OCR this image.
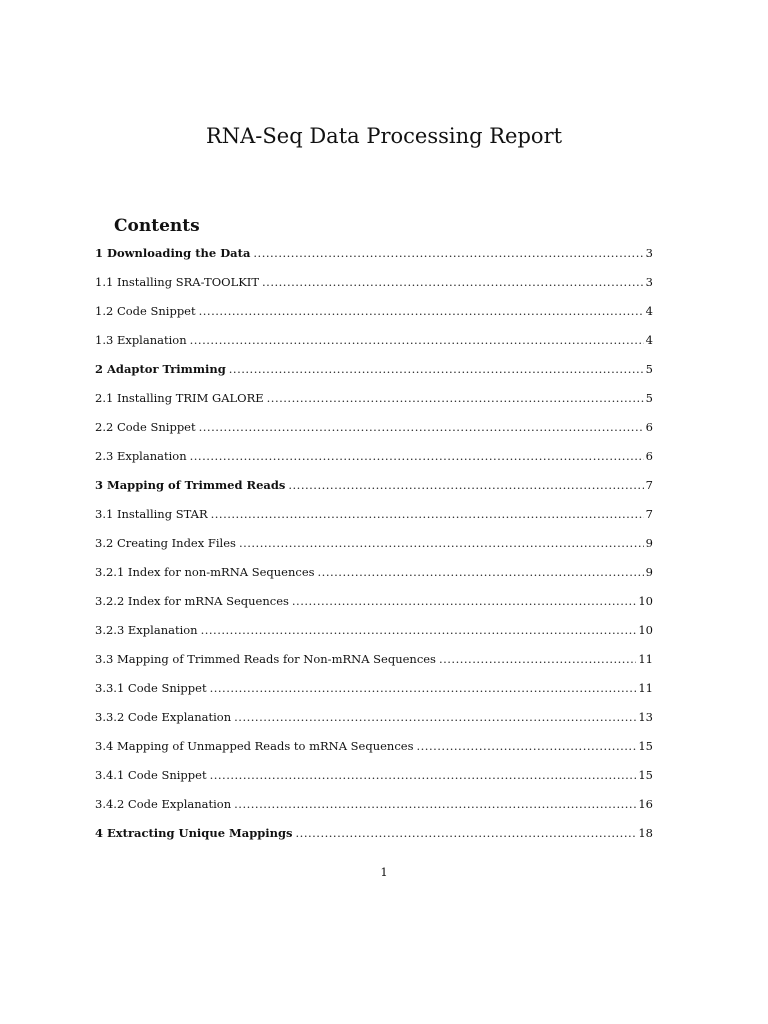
RNA-Seq Data Processing Report
Contents
1 Downloading the Data .....	3
1.1 Installing SRA-TOOLKIT .....	3
1.2 Code Snippet .....	4
1.3 Explanation .....	4
2 Adaptor Trimming .....	5
2.1 Installing TRIM GALORE .....	5
2.2 Code Snippet .....	6
2.3 Explanation .....	6
3 Mapping of Trimmed Reads .....	7
3.1 Installing STAR .....	7
3.2 Creating Index Files .....	9
3.2.1 Index for non-mRNA Sequences .....	9
3.2.2 Index for mRNA Sequences .....	10
3.2.3 Explanation .....	10
3.3 Mapping of Trimmed Reads for Non-mRNA Sequences .....	11
3.3.1 Code Snippet .....	11
3.3.2 Code Explanation .....	13
3.4 Mapping of Unmapped Reads to mRNA Sequences .....	15
3.4.1 Code Snippet .....	15
3.4.2 Code Explanation .....	16
4 Extracting Unique Mappings .....	18
1
